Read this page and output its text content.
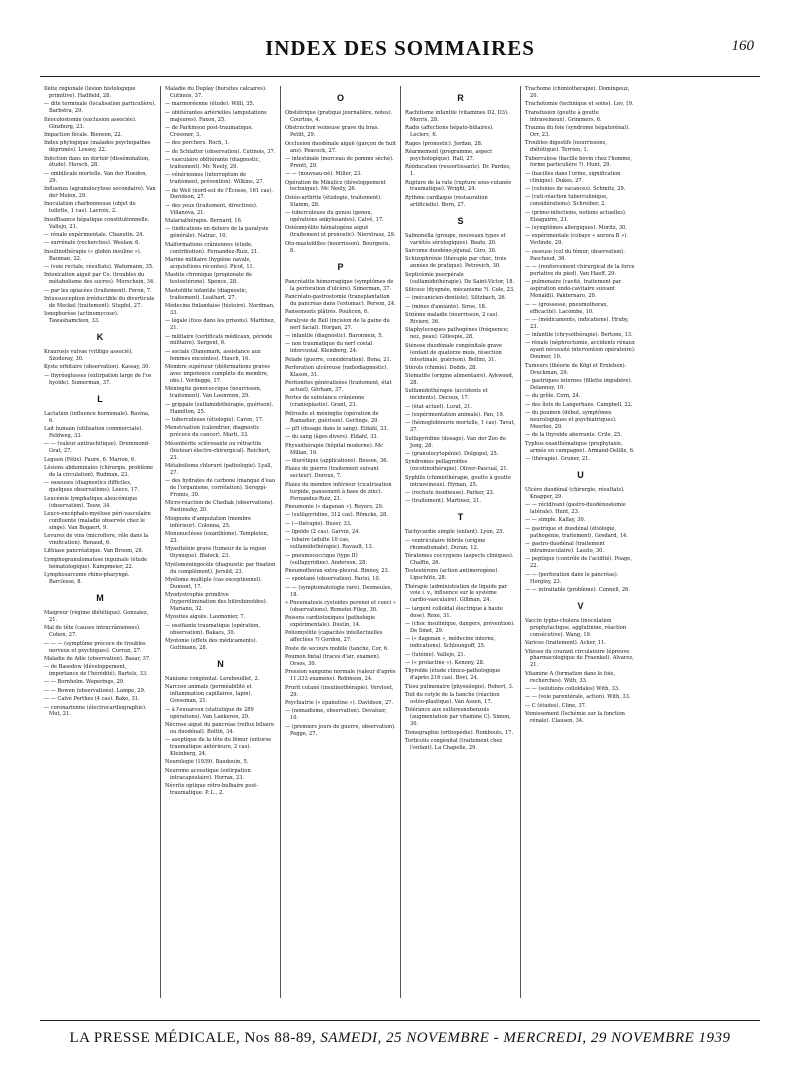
INDEX DES SOMMAIRES	160
Iléite régionale (lésion histologique primitive). Hadfield, 28.
— dite terminale (localisation particulière). Barbstra, 29.
Iléocolostomie (exclusion associée). Ginzburg, 23.
Impaction fécale. Bienson, 22.
Index phylogique (malades psychopathes déprimés). Lossey, 22.
Infection dans un dortoir (dissémination, étude). Horsch, 28.
— ombilicale mortelle. Van der Hoeden, 29.
Influenza (agranulocytose secondaire). Van der Molen, 29.
Inoculation charbonneuse (objet de toilette, 1 cas). Lacroix, 2.
Insuffisance hépatique constitutionnelle. Vallejo, 21.
— rénale expérimentale. Chanutin. 24.
— surrénale (recherches). Weslaw. 6.
Insulinothérapie (« globin insuline »). Bauman, 22.
— (voie rectale, résultats). Wahzmann, 35.
Intoxication aiguë par Co. (troubles du métabolisme des sucres). Morschein, 34.
— par les opiacées (traitement). Feron, 7.
Intussusception irréductible du diverticule de Meckel (traitement). Stupfel, 27.
Ionophorèse (actinomycose). Tawashamcken, 33.
K
Kraurosis vulvae (vitiligo associé). Szodoray, 30.
Kyste orbitaire (observation). Kassay, 30.
— thyréoglosses (extirpation large de l'os hyoïde). Sumerman, 37.
L
Lactation (influence hormonale). Ravina, 6.
Lait humain (utilisation commerciale). Feldweg, 33.
— — (valeur antirachitique). Drummond-Grat, 27.
Leguen (Félix). Faure, 6. Marion, 6.
Lésions abdominales (chirurgie, problème de la circulation). Rudman, 23.
— osseuses (diagnostics difficiles, quelques observations). Loeco, 17.
Leucémie lymphatique aleucémique (observation). Touw, 34.
Leuco-encéphalo-myélose péri-vasculaire confluente (maladie observée chez le singe). Van Bogaert, 9.
Levures de vins (microflore, rôle dans la vinification). Renaud, 6.
Lithiase pancréatique. Van Broom, 28.
Lymphogranulomatose inguinale (étude hématologique). Kampmeier, 22.
Lymphosarcome rhino-pharyngé. Barclesse, 8.
M
Maigreur (régime diététique). Gonzalez, 21.
Mal de tête (causes intracrâniennes). Cohen, 27.
— — — (symptôme précoce de troubles nerveux et psychiques). Curran, 27.
Maladie de Adie (observation). Basar, 37.
— de Basedow (développement, importance de l'hérédité). Bartels, 33.
— — Bornholm. Weperings, 29.
— — Bowen (observations). Lampe, 29.
— — Calvé Perthes (4 cas). Bako, 31.
— coronarienne (électrocardiographie). Mut, 21.
Maladie du Duplay (bursites calcaires). Cutinois, 37.
— marmoréenne (étude). Willi, 35.
— oblitérantes artérielles (amputations majeures). Faxon, 25.
— de Parkinson post-traumatique. Crossner, 3.
— des porchers. Roch, 1.
— de Schlatter (observation). Cutinois, 37.
— vasculaire oblitérante (diagnostic, traitement). Mc Neely, 29.
— vénériennes (interruption de traitement, prévention). Wilkins, 27.
— de Weil (nord-est de l'Écosse, 161 cas). Davidson, 27.
— des yeux (traitement, directives). Villanova, 21.
Malariathérapie. Bernard, 16.
— (indications en dehors de la paralysie générale). Natrac, 10.
Malformations crâniennes (étude, contribution). Fernandez-Ruiz, 21.
Marine militaire (hygiène navale, acquisitions récentes). Picot, 11.
Mastite chronique (propionate de testostérone). Spence, 28.
Mastoïdite infantile (diagnostic, traitement). Leathart, 27.
Médecine finlandaise (histoire). Nordman, 33.
— légale (fous dans les prisons). Martinez, 21.
— militaire (certificats médicaux, période militaire). Sergent, 6.
— sociale (Danemark, assistance aux femmes enceintes). Hauch, 16.
Membre supérieur (déformations graves avec impotence complète du membre, obs.). Verdegge, 17.
Méningite gonococcique (nourrisson, traitement). Van Loenrenn, 29.
— grippale (sulfamidothérapie, guérison). Hamilton, 25.
— tuberculeuse (étiologie). Caren, 17.
Menstruation (calendrier, diagnostic précoce du cancer). Marti, 33.
Mésentérite sclérosante ou rétractile (bistouri électro-chirurgical). Reichert, 23.
Métabolisme chloruré (pathologie). Lyall, 27.
— des hydrates de carbone (manque d'eau de l'organisme, corrélation). Sereppi-Fromis, 30.
Micro-réaction de Chediak (observations). Pastinszky, 30.
Moignons d'amputation (membre inférieur). Colonna, 25.
Mononucléose (exanthème). Templeton, 23.
Myasthénie grave (tumeur de la région thymique). Blalock, 23.
Myéloméningocèle (diagnostic par fixation du complément). Jersild, 23.
Myélome multiple (cas exceptionnel). Dumont, 17.
Myodystrophie primitive (hyperélimination des bilirubinoïdes). Marianu, 32.
Myosites aiguës. Laumonier, 7.
— ossifiante traumatique (opération, observation). Bakacs, 30.
Myotonie (effets des médicaments). Guttmann, 28.
N
Nanisme congénital. Lerebouillet, 2.
Narcose animale (perméabilité et inflammation capillaires, lapin). Gressman, 21.
— à l'eunarcon (statistique de 289 opérations). Van Lankeren, 29.
Nécrose aiguë du pancréas (reflux biliaire ou duodénal). Bottin, 34.
— aseptique de la tête du fémur (entorse traumatique antérieure, 2 cas). Kleinberg, 24.
Neurologie (1939). Baudouin, 5.
Neurome acoustique (extirpation intracapsulaire). Horrax, 23.
Névrite optique rétro-bulbaire post-traumatique. P. L., 2.
O
Obstétrique (pratique journalière, notes). Courtois, 4.
Obstruction veineuse grave du bras. Petitt, 29.
Occlusion duodénale aiguë (garçon de huit ans). Peacock, 27.
— intestinale (morceau de pomme séché). Prentt, 29.
— — (nouveau-né). Miller, 23.
Opération de Mikulicz (développement technique). Mc Neely, 26.
Ostéo-arthrite (étiologie, traitement). Stamm, 28.
— tuberculeuse du genou (genou, opérations ankylosantes). Calvé, 17.
Ostéomyélite hématogène aiguë (traitement et pronostic). Nierstrasz, 29.
Oto-mastoïdites (nourrisson). Bourgeois, 8.
P
Pancréatite hémorragique (symptômes de la perforation d'ulcère). Simerman, 37.
Pancréato-gastrostomie (transplantation du pancréas dans l'estomac). Person, 24.
Pansements plâtrés. Poulicen, 6.
Paralysie de Bell (incision de la gaine du nerf facial). Horgan, 27.
— infantile (diagnostic). Baronneix, 5.
— non traumatique du nerf costal intercostal. Kleinberg, 24.
Pelade (guerre, considération). Bona, 21.
Perforation ulcéreuse (radiodiagnostic). Klason, 31.
Péritonites généralisées (traitement, état actuel). Görham, 37.
Pertes de substance crânienne (cranioplastie). Grant, 23.
Pétrosite et méningite (opération de Ramadier, guérison). Gerlings, 29.
— pH (dosage dans le sang). Eldahl, 33.
— du sang (âges divers). Eldahl, 33.
Physiothérapie (hôpital moderne). Mc Millan, 19.
— diurétique (applications). Bessoe, 36.
Plaies de guerre (traitement suivant secteur). Duroux, 7.
Plaies du membre inférieur (cicatrisation torpide, pansement à base de zinc). Fernandez-Ruiz, 21.
Pneumonie (« dagenan »). Reyers, 29.
— (sulfapyridine, 312 cas). Römcke, 28.
— (—thérapie). Buser, 33.
— lipoïde (2 cas). Garvin, 24.
— lobaire (adulte 10 cas, sulfamidothérapie). Ravault, 13.
— pneumococcique (type II) (sulfapyridine). Anderson, 28.
Pneumothorax extra-pleural. Binney, 23.
— spontané (observation). Parisi, 10.
— — (symptomatologie rare). Desmeules, 18.
« Pneumatosis cystoides perenei et coeci » (observations). Remetei-Filep, 30.
Poisons cardiotoxiques (pathologie expérimentale). Dustin, 14.
Poliomyélite (capacités intellectuelles affectées ?) Gordon, 27.
Poste de secours mobile (tanche, Cor, 6.
Poumon fœtal (traces d'air, examen). Orsos, 30.
Pression sanguine normale (valeur d'après 11.333 examens). Robinson, 24.
Prurit cutané (insulinothérapie). Vervloet, 29.
Psychiatrie (« épanutine »). Davidson, 27.
— (nomadisme, observation). Devaluer, 10.
— (premiers jours de guerre, observation). Pegge, 27.
R
Rachitisme infantile (vitamines D2, D3). Morris, 28.
Radis (affections hépato-biliaires). Leclerc, 6.
Rages (pronostic). Jordan, 28.
Réarmement (programme, aspect psychologique). Hall, 27.
Rééducation (ressortissants). Dr. Pardes, 1.
Rupture de la rate (rupture sous-cutanée traumatique). Wright, 24.
Rythme cardiaque (restauration artificielle). Born, 27.
S
Salmonella (groupe, nouveaux types et variétés sérologiques). Beato, 20.
Sarcome duodéno-jéjunal. Giro, 30.
Schizophrénie (thérapie par choc, trois années de pratique). Petrovich, 30.
Septicémie puerpérale (sulfamidothérapie). De Saint-Victor, 18.
Silicose (dyspnée, mécanisme ?). Cole, 23.
— (mécanicien-dentiste). Siltzbach, 26.
— (mines d'amiante). Siroe, 18.
Sixième maladie (nourrisson, 2 cas). Riviere, 36.
Staphylocoques pathogènes (fréquence; nez, peau). Gillespie, 28.
Sténose duodénale congénitale grave (enfant de quatorze mois, résection intestinale, guérison). Bellini, 31.
Stérols (chimie). Dodds, 28.
Stomatite (origine alimentaire). Aykwood, 28.
Sulfamidothérapie (accidents et incidents). Decoux, 17.
— (état actuel). Lurat, 21.
— (expérimentation animale). Pan, 19.
— (hémoglobinurie mortelle, 1 cas). Tavat, 37.
Sulfapyridine (dosage). Van der Zoo de Jong, 28.
— (granulocytopénie). Dolgopol, 25.
Syndromes pellagroïdes (nicotinothérapie). Oliver-Pascual, 21.
Syphilis (chimiothérapie, goutte à goutte intraveineux). Hyman, 25.
— (rechute insidieuse). Parker, 23.
— (traitement). Martinez, 21.
T
Tachycardie simple (enfant). Lyon, 25.
— ventriculaire fébrile (origine rhumatismale). Duran, 12.
Tératomes coccygiens (aspects cliniques). Chaffin, 26.
Testostérone (action antimorogène). Lipschütz, 28.
Thérapie (administration de liquide par voie i. v., influence sur le système cardio-vasculaire). Gillman, 24.
— (argent colloïdal électrique à haute dose). Rexe, 31.
— (choc insulinique, dangers, prévention). De Smet, 29.
— (« dagenan », médecine interne, indications). Schloungoff, 35.
— (lutéine). Vallejo, 21.
— (« prolactine »). Kenony, 28.
Thyroïde (étude clinico-pathologique d'après 216 cas). Bovi, 24.
Tissu pulmonaire (physiologie). Robert, 3.
Toit du cotyle de la hanche (réaction ostéo-plastique). Van Assen, 17.
Tolérance aux sulfaresnobenzols (augmentation par vitamine C). Simon, 30.
Tomographie (orthopédie). Rombouts, 17.
Torticolis congénital (traitement chez l'enfant). La Chapelle, 29.
Trachome (chimiothérapie). Domingeuz, 20.
Trachotomie (technique et soins). Lev, 19.
Transfusion (goutte à goutte intraveineux). Grimmers, 6.
Trauma du foie (syndrome hépatorénal). Orr, 23.
Troubles digestifs (nourrissons, diététique). Terrien, 1.
Tuberculose (bacille bovin chez l'homme, forme particulière ?). Hunt, 29.
— (bacilles dans l'urine, signification clinique). Dukes, 27.
— (colonies de vacances). Schmitz, 29.
— (cuti-réaction tuberculinique, considérations). Schreiber, 2.
— (primo-infections, notions actuelles). Eizaguirre, 21.
— (symptômes allergiques). Moritz, 30.
— expérimentale (cobaye « aurora B »). Verlinde, 29.
— osseuse (col du fémur, observation). Paschoud, 36.
— — (renforcement chirurgical de la force portative du pied). Van Haeff, 29.
— pulmonaire (cavité, traitement par aspiration endo-cavitaire suivant Monaldi). Pakternaro, 20.
— — (grossesse, pneumothorax, efficacité). Lacombe, 10.
— — (médicaments, indications). Hruby, 23.
— infantile (chrysothérapie). Bertone, 13.
— rénale (néphrectomie, accidents rénaux ayant nécessité intervention opératoire). Doumer, 10.
Tumeurs (théorie de Kögl et Erxleben). Druckman, 29.
— gastriques internes (fillette impubère). Delannoy, 10.
— du grêle. Corn, 24.
— des îlots de Langerhans. Campbell, 22.
— du poumon (début, symptômes neurologiques et psychiatriques). Meerloo, 29.
— de la thyroïde aberrante. Crile, 25.
Typhus exanthématique (prophylaxie, armée en campagne). Armand-Delille, 6.
— (thérapie). Gruner, 21.
U
Ulcère duodénal (chirurgie, résultats). Knapper, 29.
— — récidivant (gastro-duodénostomie latérale). Hunt, 23.
— — simple. Kallay, 30.
— gastrique et duodénal (étiologie, pathogénie, traitement). Gosdard, 14.
— gastro-duodénal (traitement intramusculaire). Laszlo, 30.
— peptique (contrôle de l'acidité). Poage, 22.
— — (perforation dans le pancréas). Horgley, 23.
— — intraitable (problème). Connell, 26.
V
Vaccin typho-cholera (inoculation prophylactique, agglutinine, réaction consécutive). Wang, 19.
Varices (traitement). Acker, 11.
Vitesse du courant circulatoire (épreuve pharmacologique de Fraenkel). Alvarez, 21.
Vitamine A (formation dans le foie, recherches). With, 33.
— — (solutions colloïdales) With, 33.
— — (voie parentérale, action). With, 33.
— C (études). Cline, 37.
Vomissement (Ischémie sur la fonction rénale). Clausen, 34.
LA PRESSE MÉDICALE, Nos 88-89, SAMEDI, 25 NOVEMBRE - MERCREDI, 29 NOVEMBRE 1939
